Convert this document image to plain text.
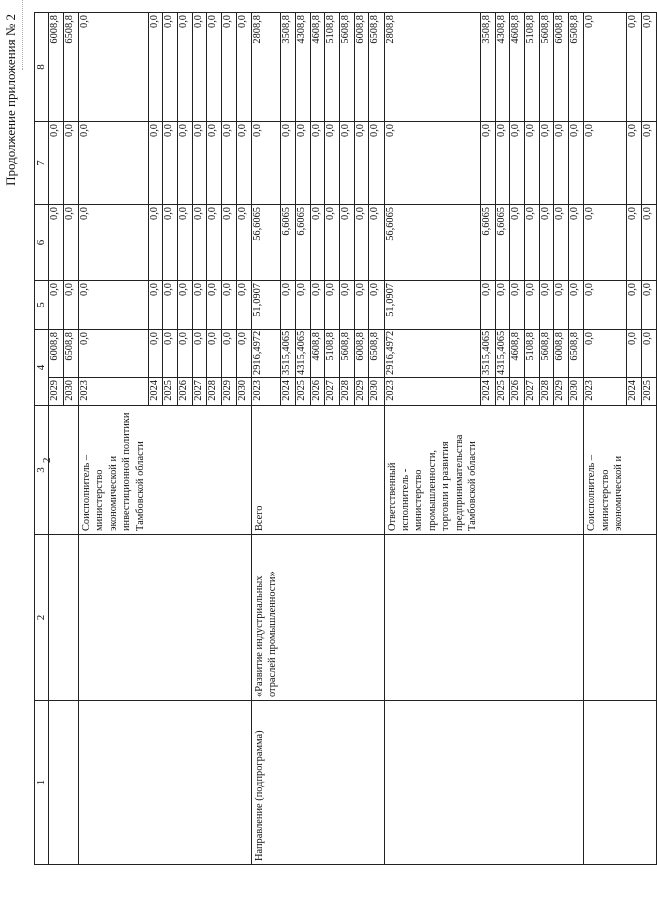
Продолжение приложения № 2
2
1	2	3	4		5	6	7	8
			2029	6008,8	0,0	0,0	0,0	6008,8
			2030	6508,8	0,0	0,0	0,0	6508,8
		Соисполнитель – министерство экономической и инвестиционной политики Тамбовской области	2023	0,0	0,0	0,0	0,0	0,0
			2024	0,0	0,0	0,0	0,0	0,0
			2025	0,0	0,0	0,0	0,0	0,0
			2026	0,0	0,0	0,0	0,0	0,0
			2027	0,0	0,0	0,0	0,0	0,0
			2028	0,0	0,0	0,0	0,0	0,0
			2029	0,0	0,0	0,0	0,0	0,0
			2030	0,0	0,0	0,0	0,0	0,0
Направление (подпрограмма)	«Развитие индустриальных отраслей промышленности»	Всего	2023	2916,4972	51,0907	56,6065	0,0	2808,8
			2024	3515,4065	0,0	6,6065	0,0	3508,8
			2025	4315,4065	0,0	6,6065	0,0	4308,8
			2026	4608,8	0,0	0,0	0,0	4608,8
			2027	5108,8	0,0	0,0	0,0	5108,8
			2028	5608,8	0,0	0,0	0,0	5608,8
			2029	6008,8	0,0	0,0	0,0	6008,8
			2030	6508,8	0,0	0,0	0,0	6508,8
		Ответственный исполнитель - министерство промышленности, торговли и развития предпринимательства Тамбовской области	2023	2916,4972	51,0907	56,6065	0,0	2808,8
			2024	3515,4065	0,0	6,6065	0,0	3508,8
			2025	4315,4065	0,0	6,6065	0,0	4308,8
			2026	4608,8	0,0	0,0	0,0	4608,8
			2027	5108,8	0,0	0,0	0,0	5108,8
			2028	5608,8	0,0	0,0	0,0	5608,8
			2029	6008,8	0,0	0,0	0,0	6008,8
			2030	6508,8	0,0	0,0	0,0	6508,8
		Соисполнитель – министерство экономической и	2023	0,0	0,0	0,0	0,0	0,0
			2024	0,0	0,0	0,0	0,0	0,0
			2025	0,0	0,0	0,0	0,0	0,0
